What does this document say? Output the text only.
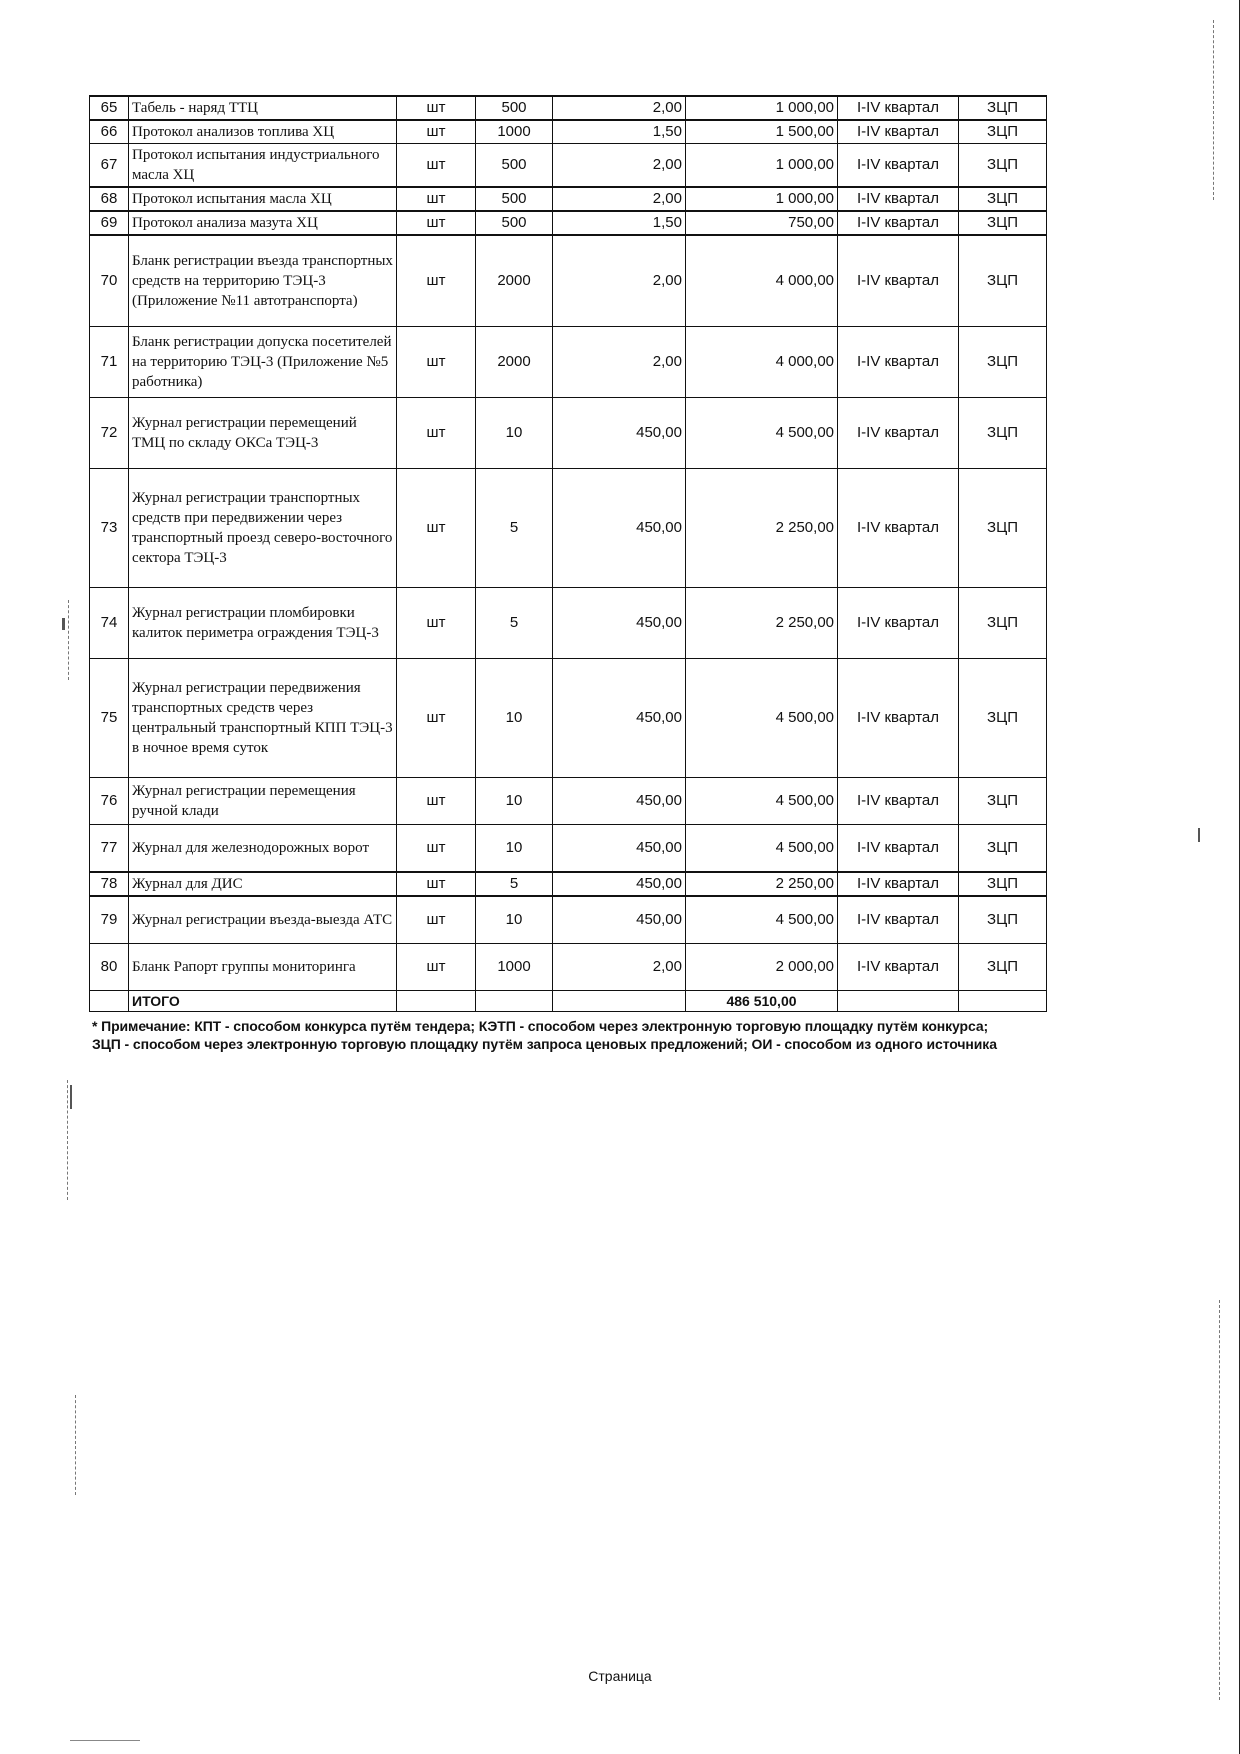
65	Табель - наряд ТТЦ	шт	500	2,00	1 000,00	I-IV квартал	ЗЦП
66	Протокол анализов топлива ХЦ	шт	1000	1,50	1 500,00	I-IV квартал	ЗЦП
67	Протокол испытания индустриального масла ХЦ	шт	500	2,00	1 000,00	I-IV квартал	ЗЦП
68	Протокол испытания масла ХЦ	шт	500	2,00	1 000,00	I-IV квартал	ЗЦП
69	Протокол анализа мазута ХЦ	шт	500	1,50	750,00	I-IV квартал	ЗЦП
70	Бланк регистрации въезда транспортных средств на территорию ТЭЦ-3 (Приложение №11 автотранспорта)	шт	2000	2,00	4 000,00	I-IV квартал	ЗЦП
71	Бланк регистрации допуска посетителей на территорию ТЭЦ-3 (Приложение №5 работника)	шт	2000	2,00	4 000,00	I-IV квартал	ЗЦП
72	Журнал регистрации перемещений ТМЦ по складу ОКСа ТЭЦ-3	шт	10	450,00	4 500,00	I-IV квартал	ЗЦП
73	Журнал регистрации транспортных средств при передвижении через транспортный проезд северо-восточного сектора ТЭЦ-3	шт	5	450,00	2 250,00	I-IV квартал	ЗЦП
74	Журнал регистрации пломбировки калиток периметра ограждения ТЭЦ-3	шт	5	450,00	2 250,00	I-IV квартал	ЗЦП
75	Журнал регистрации передвижения транспортных средств через центральный транспортный КПП ТЭЦ-3 в ночное время суток	шт	10	450,00	4 500,00	I-IV квартал	ЗЦП
76	Журнал регистрации перемещения ручной клади	шт	10	450,00	4 500,00	I-IV квартал	ЗЦП
77	Журнал для железнодорожных ворот	шт	10	450,00	4 500,00	I-IV квартал	ЗЦП
78	Журнал для ДИС	шт	5	450,00	2 250,00	I-IV квартал	ЗЦП
79	Журнал регистрации въезда-выезда АТС	шт	10	450,00	4 500,00	I-IV квартал	ЗЦП
80	Бланк Рапорт группы мониторинга	шт	1000	2,00	2 000,00	I-IV квартал	ЗЦП
	ИТОГО				486 510,00		
* Примечание: КПТ - способом конкурса путём тендера; КЭТП - способом через электронную торговую площадку путём конкурса; ЗЦП - способом через электронную торговую площадку путём запроса ценовых предложений; ОИ - способом из одного источника
Страница
